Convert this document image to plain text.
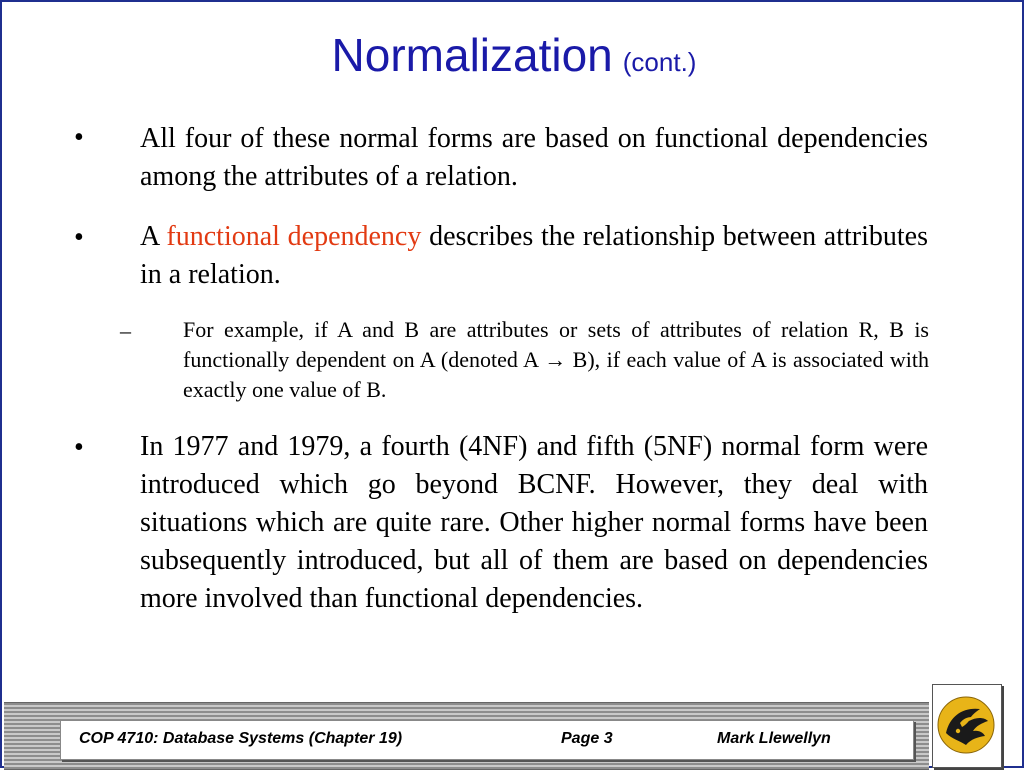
Normalization (cont.)
• All four of these normal forms are based on functional dependencies among the attributes of a relation.
• A functional dependency describes the relationship between attributes in a relation.
– For example, if A and B are attributes or sets of attributes of relation R, B is functionally dependent on A (denoted A → B), if each value of A is associated with exactly one value of B.
• In 1977 and 1979, a fourth (4NF) and fifth (5NF) normal form were introduced which go beyond BCNF. However, they deal with situations which are quite rare. Other higher normal forms have been subsequently introduced, but all of them are based on dependencies more involved than functional dependencies.
COP 4710: Database Systems (Chapter 19)	Page 3	Mark Llewellyn
